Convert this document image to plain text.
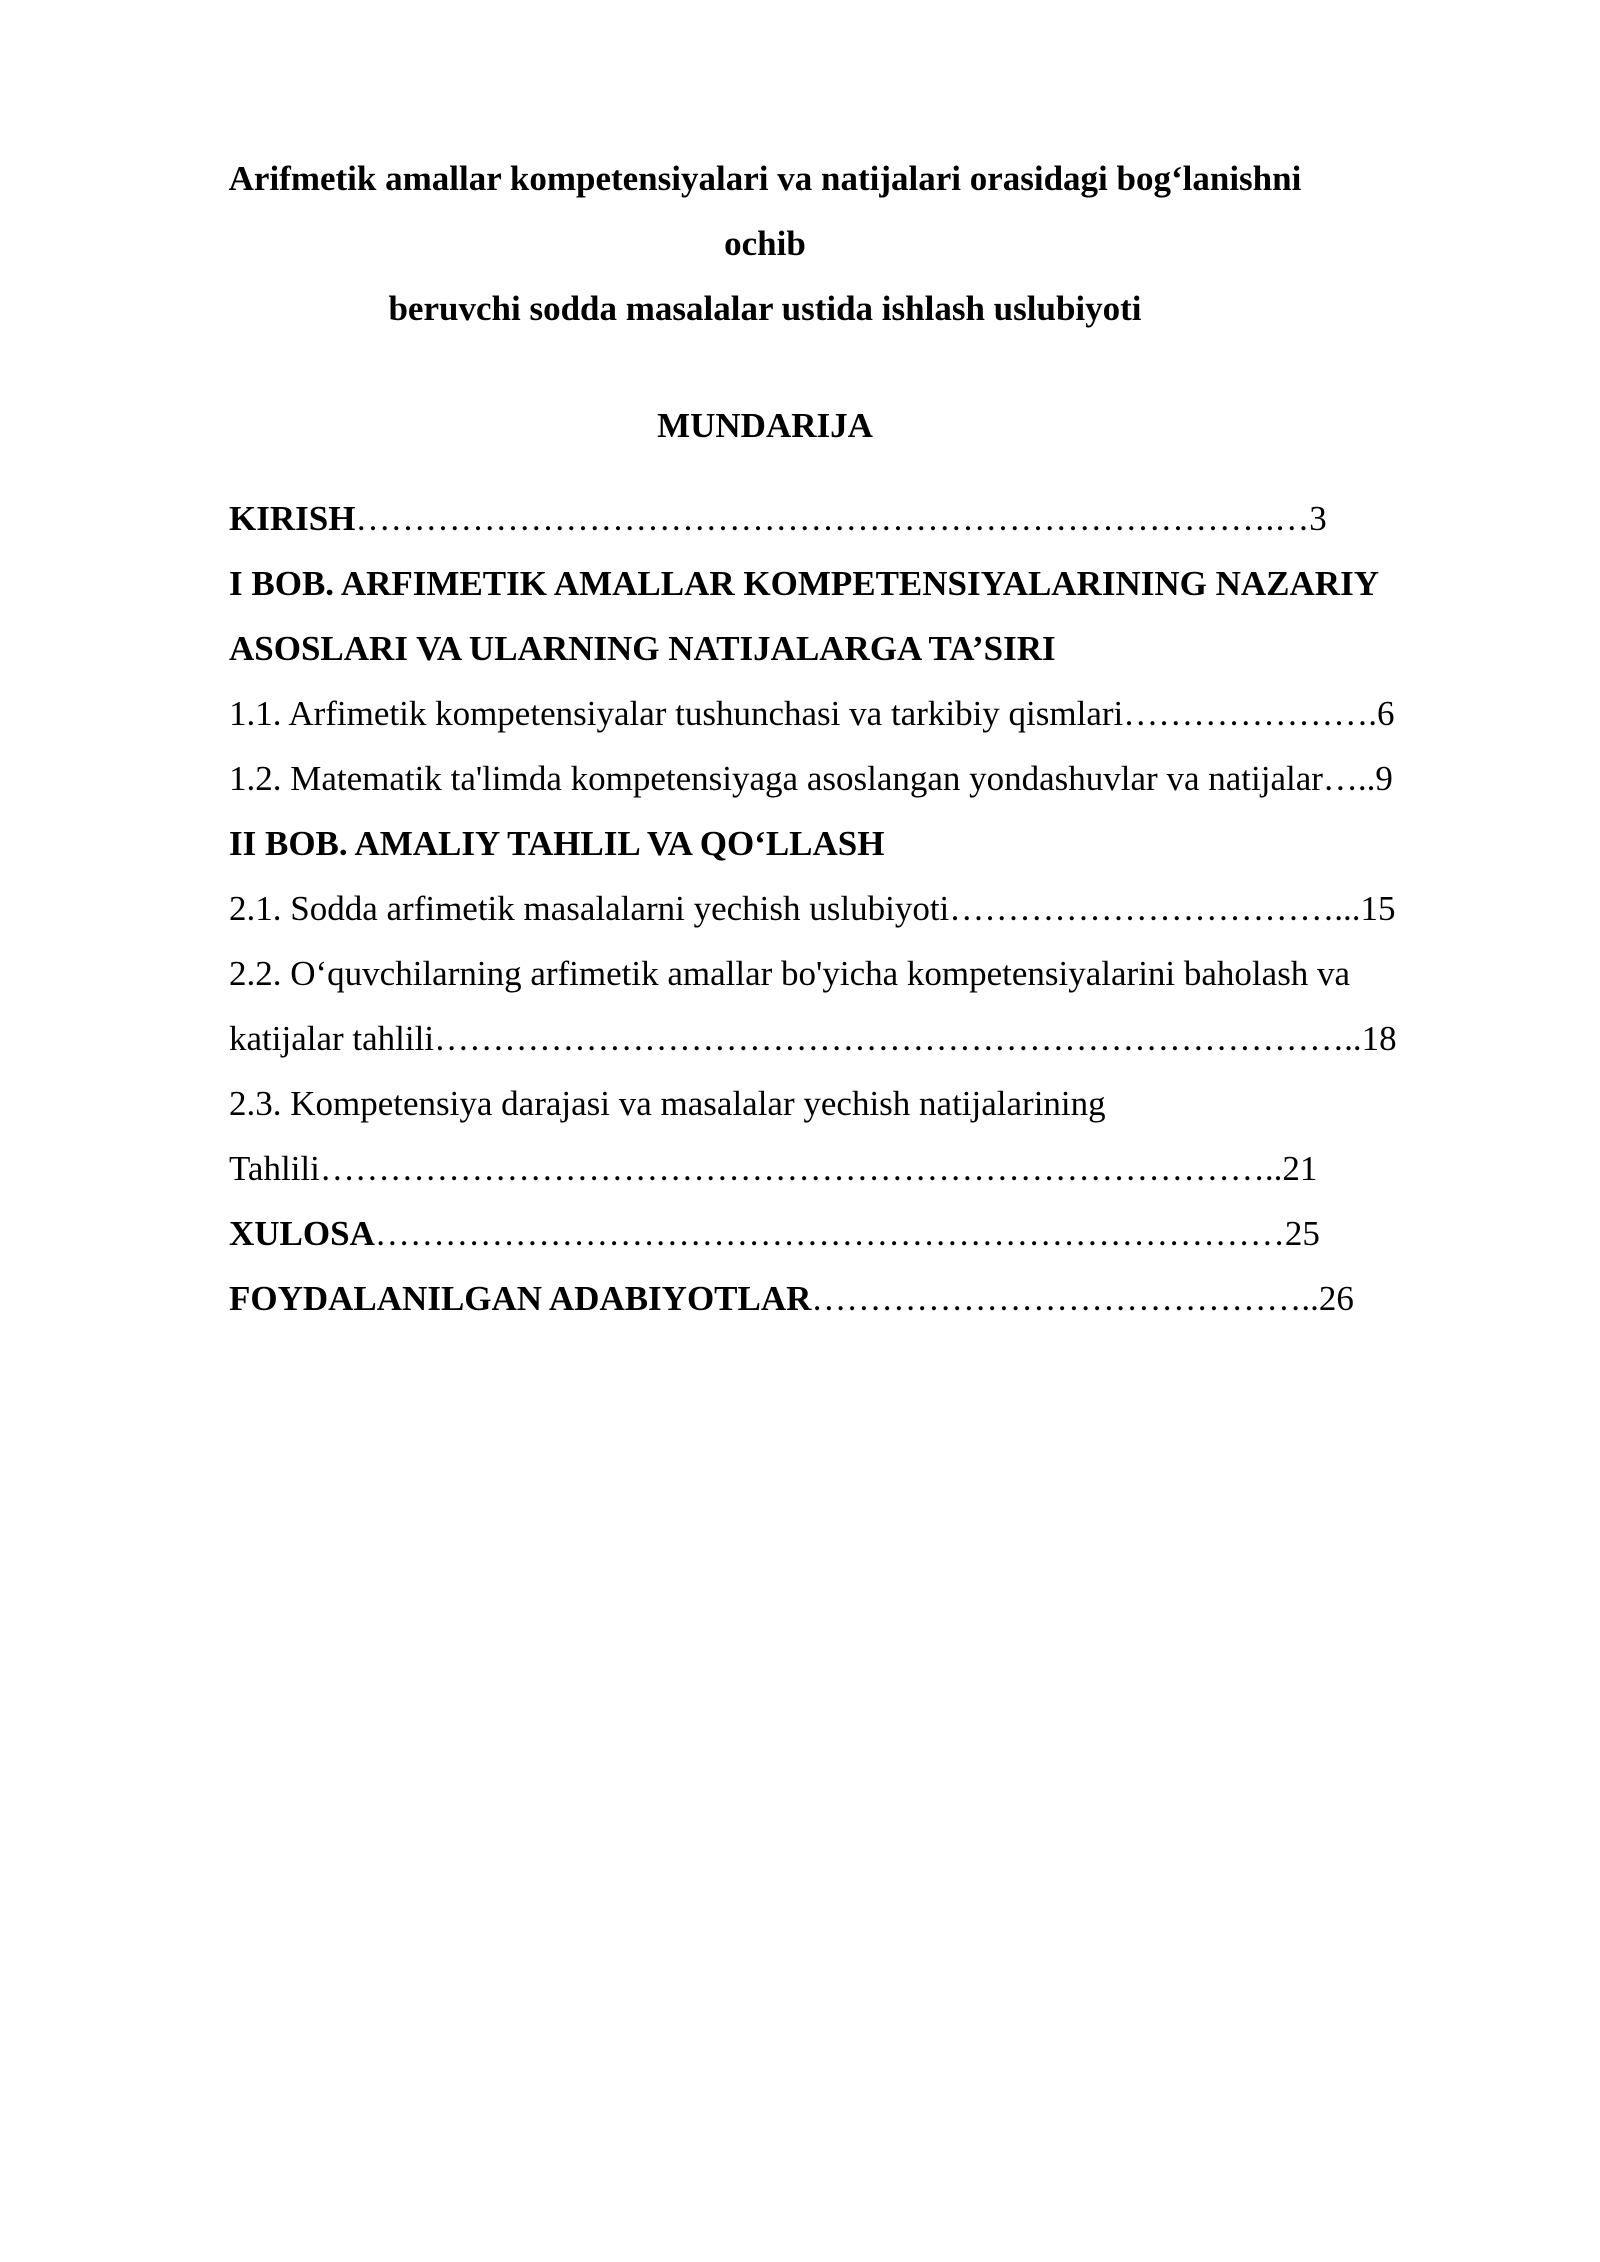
Arifmetik amallar kompetensiyalari va natijalari orasidagi bog‘lanishni ochib
beruvchi sodda masalalar ustida ishlash uslubiyoti
MUNDARIJA
KIRISH…………………………………………………………………….…3
I BOB. ARFIMETIK AMALLAR KOMPETENSIYALARINING NAZARIY
ASOSLARI VA ULARNING NATIJALARGA TA’SIRI
1.1. Arfimetik kompetensiyalar tushunchasi va tarkibiy qismlari………………….6
1.2. Matematik ta'limda kompetensiyaga asoslangan yondashuvlar va natijalar…..9
II BOB. AMALIY TAHLIL VA QO‘LLASH
2.1. Sodda arfimetik masalalarni yechish uslubiyoti……………………………...15
2.2. O‘quvchilarning arfimetik amallar bo'yicha kompetensiyalarini baholash va
katijalar tahlili……………………………………………………………………..18
2.3. Kompetensiya darajasi va masalalar yechish natijalarining
Tahlili………………………………………………………………………..21
XULOSA……………………………………………………………………25
FOYDALANILGAN ADABIYOTLAR……………………………………..26
